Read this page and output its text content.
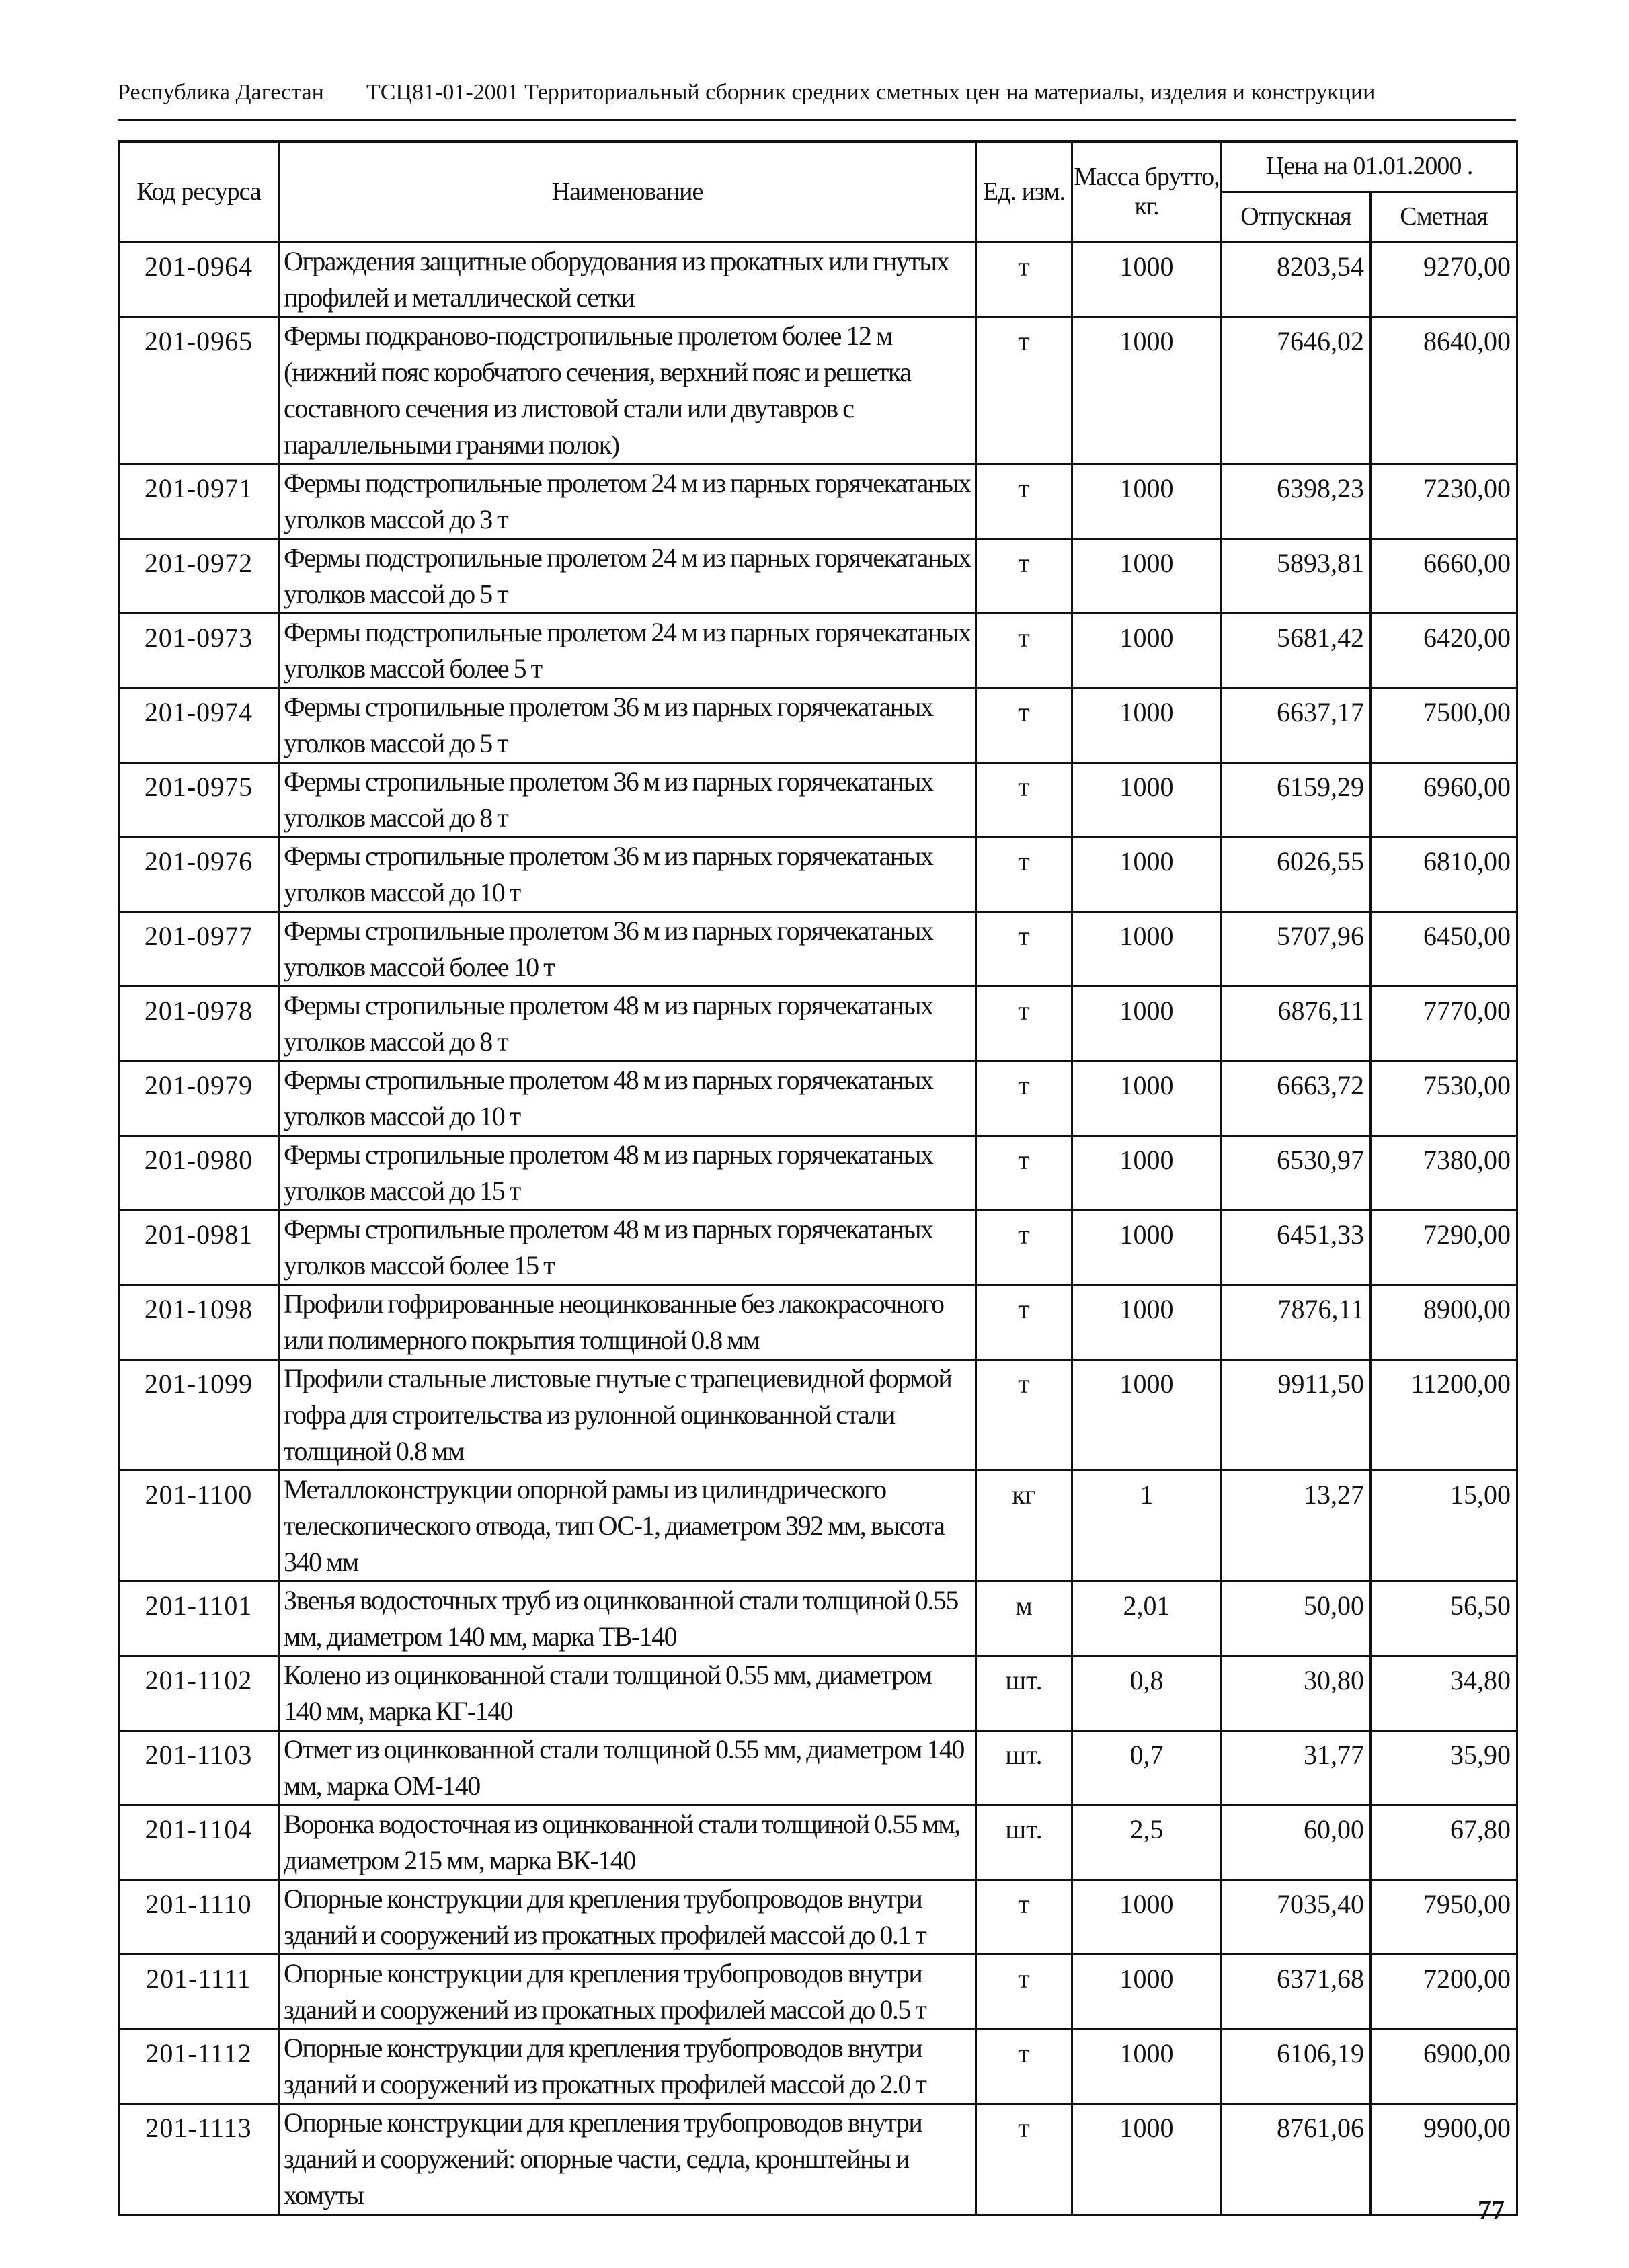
Республика Дагестан	ТСЦ81-01-2001 Территориальный сборник средних сметных цен на материалы, изделия и конструкции
Код ресурса	Наименование	Ед. изм.	Масса брутто, кг.	Цена на 01.01.2000 .	
				Отпускная	Сметная
201-0964	Ограждения защитные оборудования из прокатных или гнутых профилей и металлической сетки	т	1000	8203,54	9270,00
201-0965	Фермы подкраново-подстропильные пролетом более 12 м (нижний пояс коробчатого сечения, верхний пояс и решетка составного сечения из листовой стали или двутавров с параллельными гранями полок)	т	1000	7646,02	8640,00
201-0971	Фермы подстропильные пролетом 24 м из парных горячекатаных уголков массой до 3 т	т	1000	6398,23	7230,00
201-0972	Фермы подстропильные пролетом 24 м из парных горячекатаных уголков массой до 5 т	т	1000	5893,81	6660,00
201-0973	Фермы подстропильные пролетом 24 м из парных горячекатаных уголков массой более 5 т	т	1000	5681,42	6420,00
201-0974	Фермы стропильные пролетом 36 м из парных горячекатаных уголков массой до 5 т	т	1000	6637,17	7500,00
201-0975	Фермы стропильные пролетом 36 м из парных горячекатаных уголков массой до 8 т	т	1000	6159,29	6960,00
201-0976	Фермы стропильные пролетом 36 м из парных горячекатаных уголков массой до 10 т	т	1000	6026,55	6810,00
201-0977	Фермы стропильные пролетом 36 м из парных горячекатаных уголков массой более 10 т	т	1000	5707,96	6450,00
201-0978	Фермы стропильные пролетом 48 м из парных горячекатаных уголков массой до 8 т	т	1000	6876,11	7770,00
201-0979	Фермы стропильные пролетом 48 м из парных горячекатаных уголков массой до 10 т	т	1000	6663,72	7530,00
201-0980	Фермы стропильные пролетом 48 м из парных горячекатаных уголков массой до 15 т	т	1000	6530,97	7380,00
201-0981	Фермы стропильные пролетом 48 м из парных горячекатаных уголков массой более 15 т	т	1000	6451,33	7290,00
201-1098	Профили гофрированные неоцинкованные без лакокрасочного или полимерного покрытия толщиной 0.8 мм	т	1000	7876,11	8900,00
201-1099	Профили стальные листовые гнутые с трапециевидной формой гофра для строительства из рулонной оцинкованной стали толщиной 0.8 мм	т	1000	9911,50	11200,00
201-1100	Металлоконструкции опорной рамы из цилиндрического телескопического отвода, тип ОС-1, диаметром 392 мм, высота 340 мм	кг	1	13,27	15,00
201-1101	Звенья водосточных труб из оцинкованной стали толщиной 0.55 мм, диаметром 140 мм, марка ТВ-140	м	2,01	50,00	56,50
201-1102	Колено из оцинкованной стали толщиной 0.55 мм, диаметром 140 мм, марка КГ-140	шт.	0,8	30,80	34,80
201-1103	Отмет из оцинкованной стали толщиной 0.55 мм, диаметром 140 мм, марка ОМ-140	шт.	0,7	31,77	35,90
201-1104	Воронка водосточная из оцинкованной стали толщиной 0.55 мм, диаметром 215 мм, марка ВК-140	шт.	2,5	60,00	67,80
201-1110	Опорные конструкции для крепления трубопроводов внутри зданий и сооружений из прокатных профилей массой до 0.1 т	т	1000	7035,40	7950,00
201-1111	Опорные конструкции для крепления трубопроводов внутри зданий и сооружений из прокатных профилей массой до 0.5 т	т	1000	6371,68	7200,00
201-1112	Опорные конструкции для крепления трубопроводов внутри зданий и сооружений из прокатных профилей массой до 2.0 т	т	1000	6106,19	6900,00
201-1113	Опорные конструкции для крепления трубопроводов внутри зданий и сооружений: опорные части, седла, кронштейны и хомуты	т	1000	8761,06	9900,00
77
